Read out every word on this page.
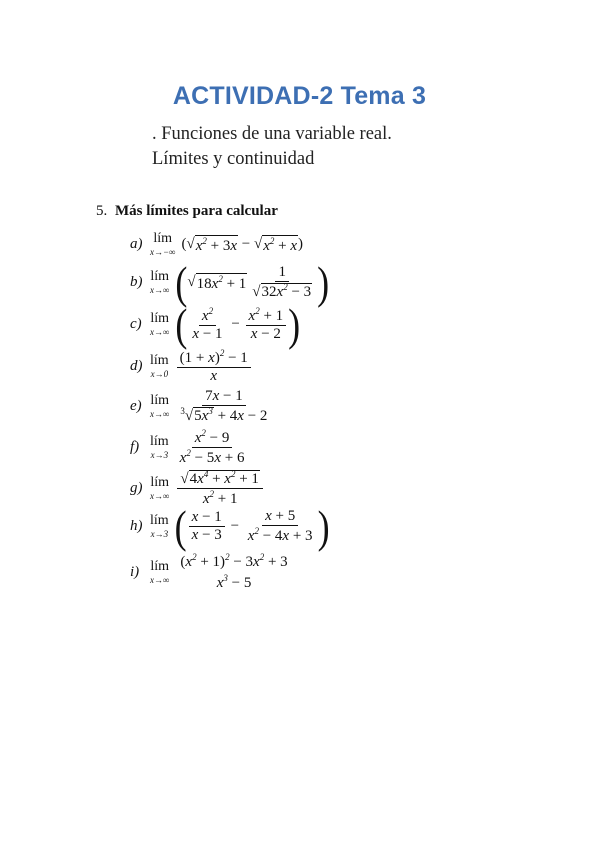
ACTIVIDAD-2 Tema 3
. Funciones de una variable real.
Límites y continuidad
5. Más límites para calcular
a) lím
x→−∞ ( √ $x^2 + 3x$
−
√ $x^2 + x$ )
b) lím
x→∞ ( √ $18x^2 + 1 \frac{1}{√32x^2 - 3}$ )
c) lím
x→∞ ( $\frac{x^2}{x - 1} - \frac{x^2 + 1}{x - 2}$ )
d) lím
$x\to 0 \frac{(1 + x)^2 - 1}{x}$
e) lím
$x\to\infty \frac{7x - 1}{^3√5x^3 + 4x - 2}$
f) lím
$x\to 3 \frac{x^2 - 9}{x^2 - 5x + 6}$
g) lím
$x\to\infty \frac{√4x^4 + x^2 + 1}{x^2 + 1}$
h) lím
x→3 ( $\frac{x - 1}{x - 3} - \frac{x + 5}{x^2 - 4x + 3}$ )
i) lím
x→∞
$(x^2 + 1)^2 - 3x^2 + 3$
$x^3 - 5$
